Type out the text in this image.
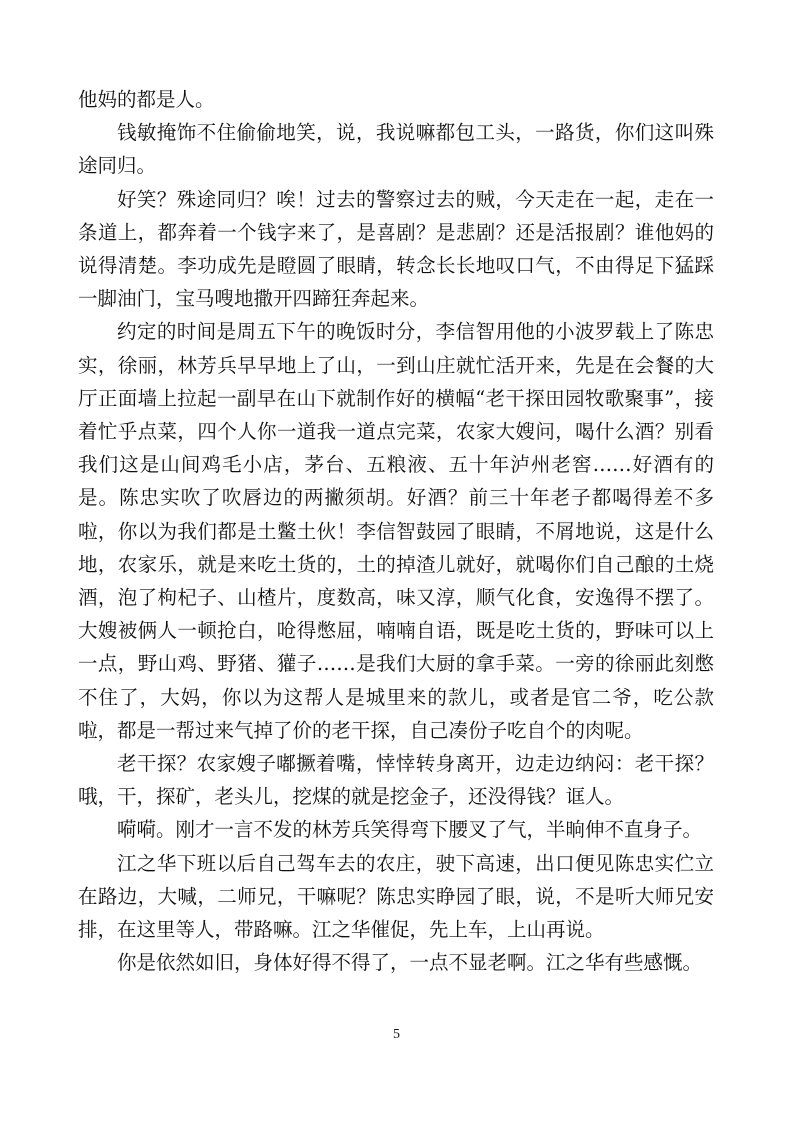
他妈的都是人。

钱敏掩饰不住偷偷地笑，说，我说嘛都包工头，一路货，你们这叫殊途同归。

好笑？殊途同归？唉！过去的警察过去的贼，今天走在一起，走在一条道上，都奔着一个钱字来了，是喜剧？是悲剧？还是活报剧？谁他妈的说得清楚。李功成先是瞪圆了眼睛，转念长长地叹口气，不由得足下猛踩一脚油门，宝马嗖地撒开四蹄狂奔起来。

约定的时间是周五下午的晚饭时分，李信智用他的小波罗载上了陈忠实，徐丽，林芳兵早早地上了山，一到山庄就忙活开来，先是在会餐的大厅正面墙上拉起一副早在山下就制作好的横幅“老干探田园牧歌聚事”，接着忙乎点菜，四个人你一道我一道点完菜，农家大嫂问，喝什么酒？别看我们这是山间鸡毛小店，茅台、五粮液、五十年泸州老窖……好酒有的是。陈忠实吹了吹唇边的两撇须胡。好酒？前三十年老子都喝得差不多啦，你以为我们都是土鳖土伙！李信智鼓园了眼睛，不屑地说，这是什么地，农家乐，就是来吃土货的，土的掉渣儿就好，就喝你们自己酿的土烧酒，泡了枸杞子、山楂片，度数高，味又淳，顺气化食，安逸得不摆了。大嫂被俩人一顿抢白，呛得憋屈，喃喃自语，既是吃土货的，野味可以上一点，野山鸡、野猪、獾子……是我们大厨的拿手菜。一旁的徐丽此刻憋不住了，大妈，你以为这帮人是城里来的款儿，或者是官二爷，吃公款啦，都是一帮过来气掉了价的老干探，自己凑份子吃自个的肉呢。

老干探？农家嫂子嘟撅着嘴，悻悻转身离开，边走边纳闷：老干探？哦，干，探矿，老头儿，挖煤的就是挖金子，还没得钱？诓人。

嗬嗬。刚才一言不发的林芳兵笑得弯下腰叉了气，半晌伸不直身子。

江之华下班以后自己驾车去的农庄，驶下高速，出口便见陈忠实伫立在路边，大喊，二师兄，干嘛呢？陈忠实睁园了眼，说，不是听大师兄安排，在这里等人，带路嘛。江之华催促，先上车，上山再说。

你是依然如旧，身体好得不得了，一点不显老啊。江之华有些感慨。

5
